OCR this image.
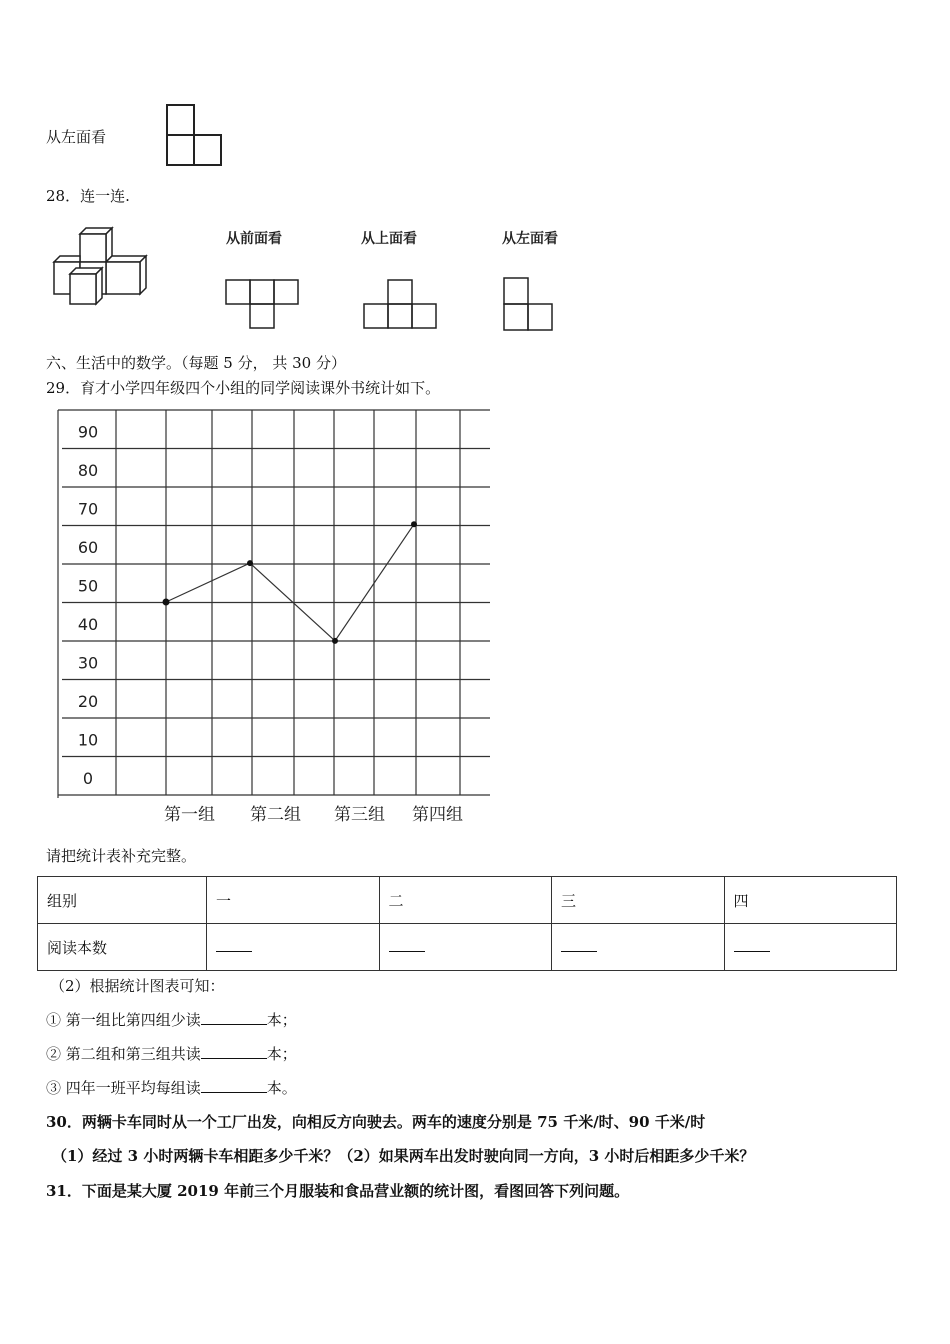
从左面看
28．连一连.
从前面看	从上面看	从左面看
六、生活中的数学。（每题 5 分， 共 30 分）
29．育才小学四年级四个小组的同学阅读课外书统计如下。
90
80
70
60
50
40
30
20
10
0
第一组 第二组 第三组 第四组
请把统计表补充完整。
组别	一	二	三	四
阅读本数				
（2）根据统计图表可知：
① 第一组比第四组少读	本；
② 第二组和第三组共读	本；
③ 四年一班平均每组读	本。
30．两辆卡车同时从一个工厂出发，向相反方向驶去。两车的速度分别是 75 千米/时、90 千米/时
（1）经过 3 小时两辆卡车相距多少千米？（2）如果两车出发时驶向同一方向，3 小时后相距多少千米？
31．下面是某大厦 2019 年前三个月服装和食品营业额的统计图，看图回答下列问题。
